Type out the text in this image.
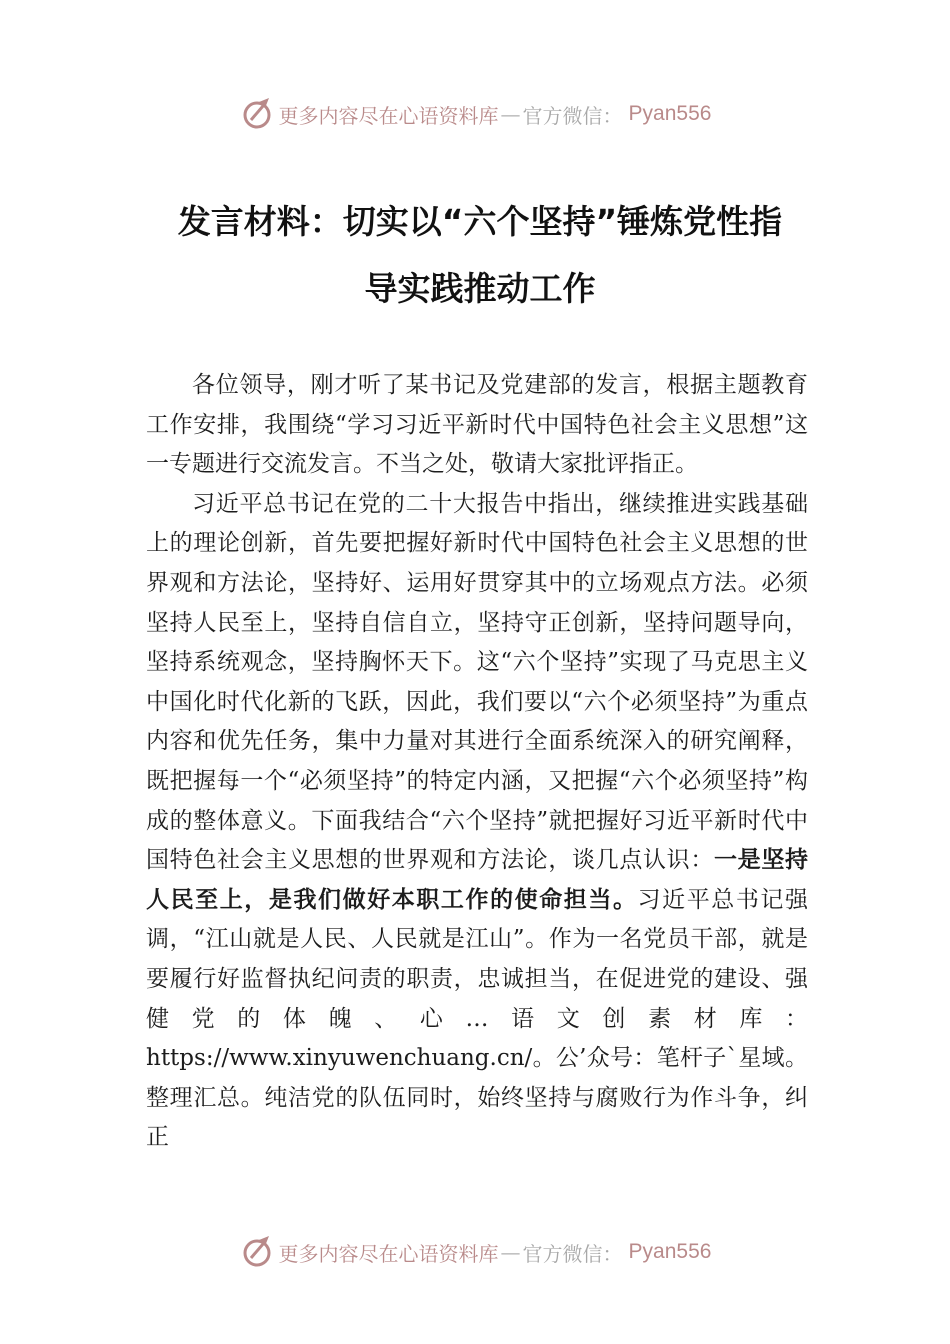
更多内容尽在心语资料库 — 官方微信： Pyan556
发言材料：切实以“六个坚持”锤炼党性指
导实践推动工作

各位领导，刚才听了某书记及党建部的发言，根据主题教育工作安排，我围绕“学习习近平新时代中国特色社会主义思想”这一专题进行交流发言。不当之处，敬请大家批评指正。

习近平总书记在党的二十大报告中指出，继续推进实践基础上的理论创新，首先要把握好新时代中国特色社会主义思想的世界观和方法论，坚持好、运用好贯穿其中的立场观点方法。必须坚持人民至上，坚持自信自立，坚持守正创新，坚持问题导向，坚持系统观念，坚持胸怀天下。这“六个坚持”实现了马克思主义中国化时代化新的飞跃，因此，我们要以“六个必须坚持”为重点内容和优先任务，集中力量对其进行全面系统深入的研究阐释，既把握每一个“必须坚持”的特定内涵，又把握“六个必须坚持”构成的整体意义。下面我结合“六个坚持”就把握好习近平新时代中国特色社会主义思想的世界观和方法论，谈几点认识：一是坚持人民至上，是我们做好本职工作的使命担当。习近平总书记强调，“江山就是人民、人民就是江山”。作为一名党员干部，就是要履行好监督执纪问责的职责，忠诚担当，在促进党的建设、强健党的体魄、心…语文创素材库：https://www.xinyuwenchuang.cn/。公’众号：笔杆子`星域。整理汇总。纯洁党的队伍同时，始终坚持与腐败行为作斗争，纠正

更多内容尽在心语资料库 — 官方微信： Pyan556
